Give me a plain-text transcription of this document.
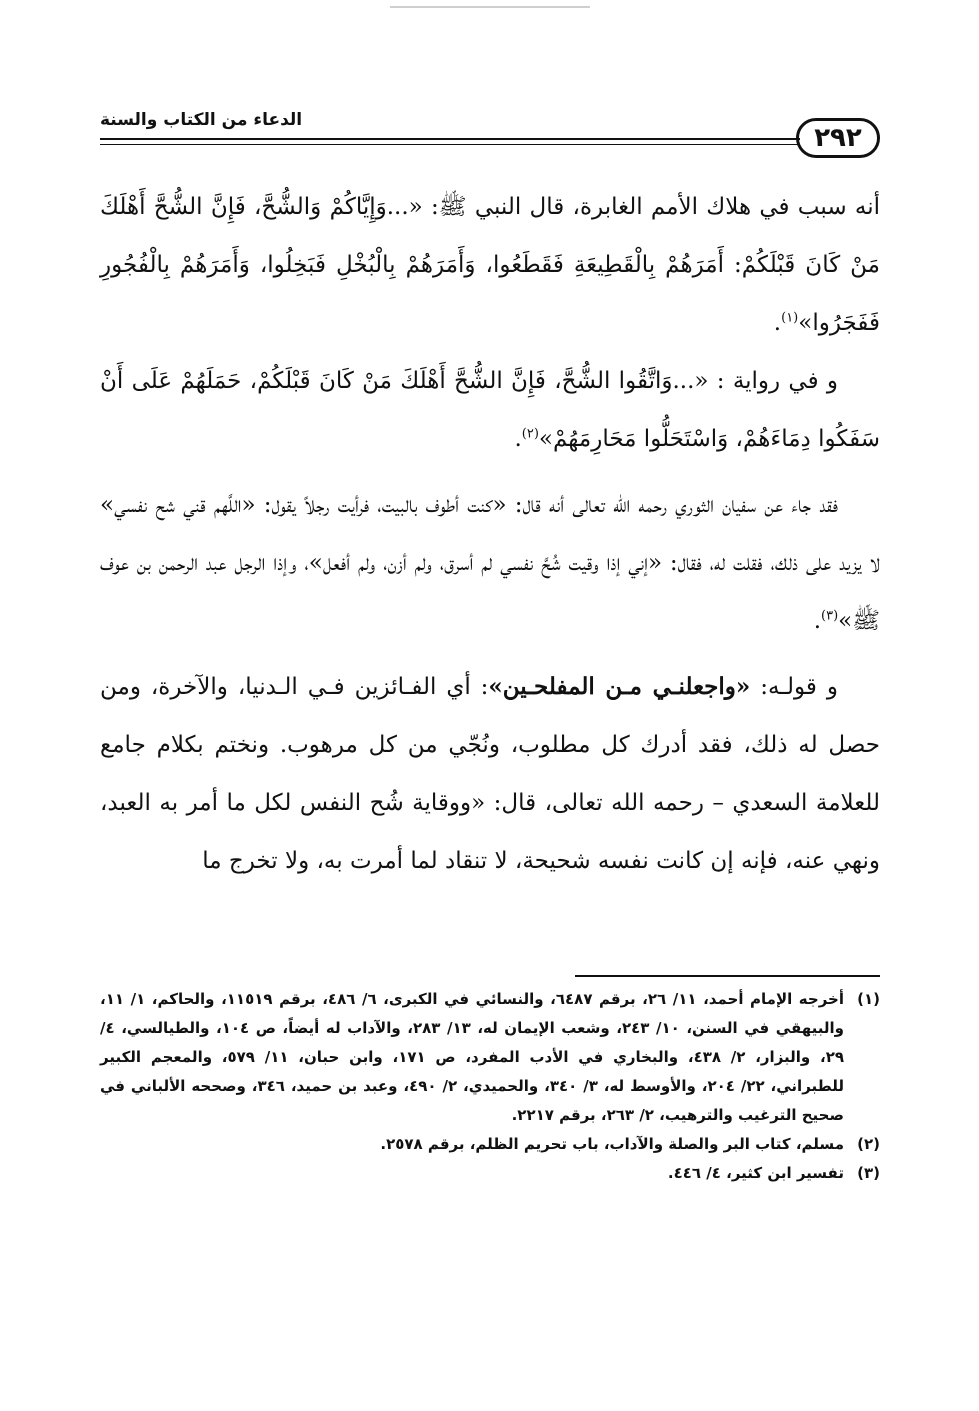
٢٩٢
الدعاء من الكتاب والسنة

أنه سبب في هلاك الأمم الغابرة، قال النبي ﷺ: «...وَإِيَّاكُمْ وَالشُّحَّ، فَإِنَّ الشُّحَّ أَهْلَكَ مَنْ كَانَ قَبْلَكُمْ: أَمَرَهُمْ بِالْقَطِيعَةِ فَقَطَعُوا، وَأَمَرَهُمْ بِالْبُخْلِ فَبَخِلُوا، وَأَمَرَهُمْ بِالْفُجُورِ فَفَجَرُوا»$^{(١)}$.

و في رواية : «...وَاتَّقُوا الشُّحَّ، فَإِنَّ الشُّحَّ أَهْلَكَ مَنْ كَانَ قَبْلَكُمْ، حَمَلَهُمْ عَلَى أَنْ سَفَكُوا دِمَاءَهُمْ، وَاسْتَحَلُّوا مَحَارِمَهُمْ»$^{(٢)}$.

فقد جاء عن سفيان الثوري رحمه الله تعالى أنه قال: «كنت أطوف بالبيت، فرأيت رجلاً يقول: «اللَّهم قني شح نفسي» لا يزيد على ذلك، فقلت له، فقال: «إني إذا وقيت شُحَّ نفسي لم أسرق، ولم أزن، ولم أفعل»، وإذا الرجل عبد الرحمن بن عوف ﷺ»$^{(٣)}$.

و قولـه: «واجعلنـي مـن المفلحـين»: أي الفـائزين فـي الـدنيا، والآخرة، ومن حصل له ذلك، فقد أدرك كل مطلوب، ونُجّي من كل مرهوب. ونختم بكلام جامع للعلامة السعدي – رحمه الله تعالى، قال: «ووقاية شُح النفس لكل ما أمر به العبد، ونهي عنه، فإنه إن كانت نفسه شحيحة، لا تنقاد لما أمرت به، ولا تخرج ما

(١)
أخرجه الإمام أحمد، ١١/ ٢٦، برقم ٦٤٨٧، والنسائي في الكبرى، ٦/ ٤٨٦، برقم ١١٥١٩، والحاكم، ١/ ١١، والبيهقي في السنن، ١٠/ ٢٤٣، وشعب الإيمان له، ١٣/ ٢٨٣، والآداب له أيضاً، ص ١٠٤، والطيالسي، ٤/ ٢٩، والبزار، ٢/ ٤٣٨، والبخاري في الأدب المفرد، ص ١٧١، وابن حبان، ١١/ ٥٧٩، والمعجم الكبير للطبراني، ٢٢/ ٢٠٤، والأوسط له، ٣/ ٣٤٠، والحميدي، ٢/ ٤٩٠، وعبد بن حميد، ٣٤٦، وصححه الألباني في صحيح الترغيب والترهيب، ٢/ ٢٦٣، برقم ٢٢١٧.
(٢)
مسلم، كتاب البر والصلة والآداب، باب تحريم الظلم، برقم ٢٥٧٨.
(٣)
تفسير ابن كثير، ٤/ ٤٤٦.
